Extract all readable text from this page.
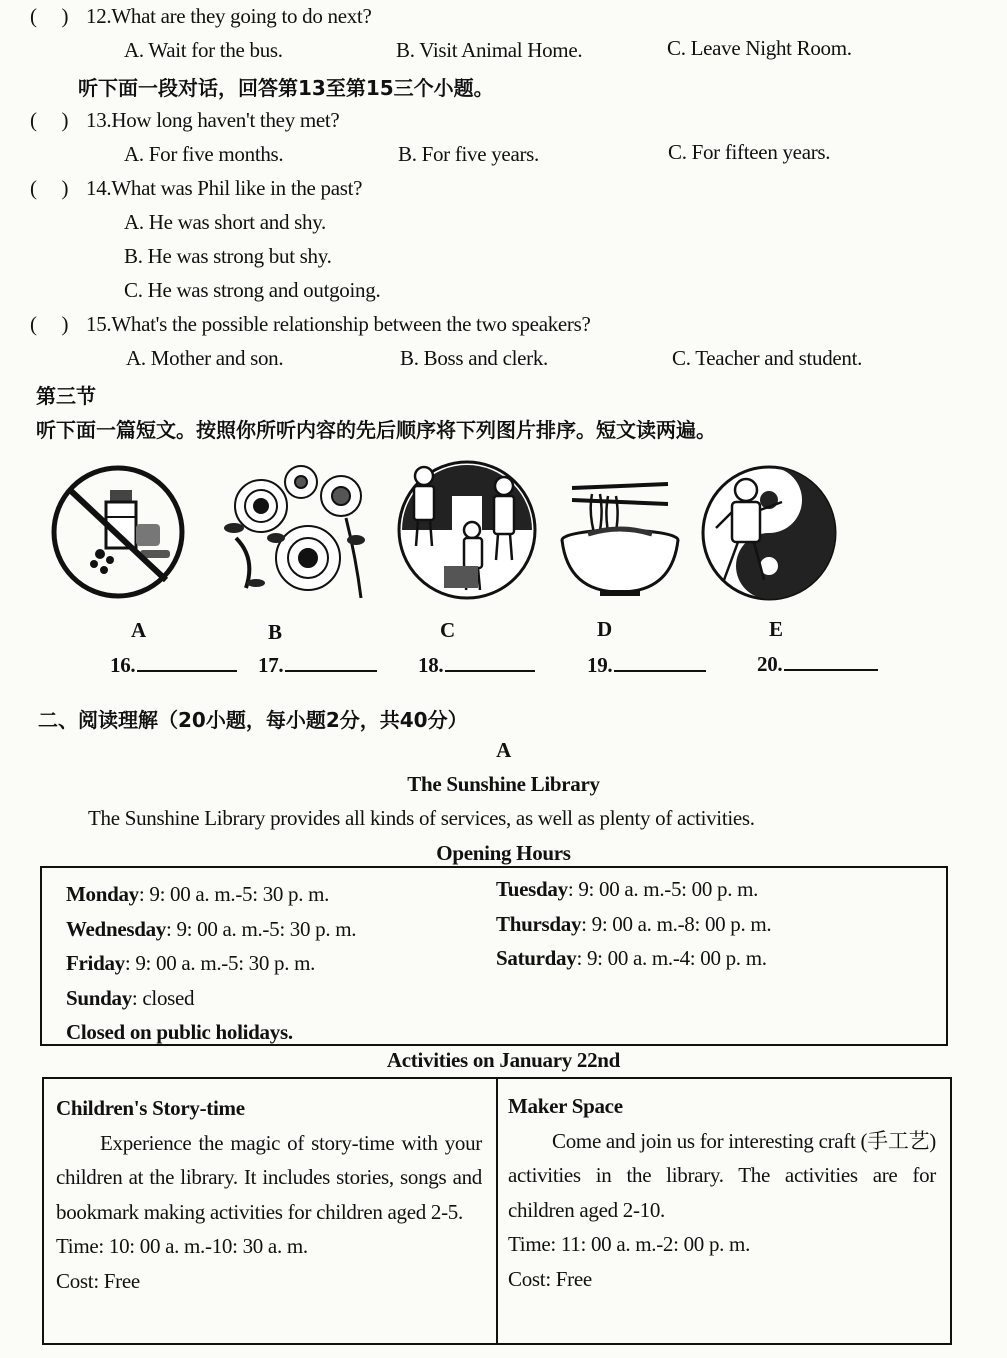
( ) 12.What are they going to do next?
A. Wait for the bus.	B. Visit Animal Home.	C. Leave Night Room.
听下面一段对话，回答第13至第15三个小题。
( ) 13.How long haven't they met?
A. For five months.	B. For five years.	C. For fifteen years.
( ) 14.What was Phil like in the past?
A. He was short and shy.
B. He was strong but shy.
C. He was strong and outgoing.
( ) 15.What's the possible relationship between the two speakers?
A. Mother and son.	B. Boss and clerk.	C. Teacher and student.
第三节
听下面一篇短文。按照你所听内容的先后顺序将下列图片排序。短文读两遍。
A	B	C	D	E
16.	17.	18.	19.	20.
二、阅读理解（20小题，每小题2分，共40分）
A
The Sunshine Library
The Sunshine Library provides all kinds of services, as well as plenty of activities.
Opening Hours

Monday: 9: 00 a. m.-5: 30 p. m.

Wednesday: 9: 00 a. m.-5: 30 p. m.

Friday: 9: 00 a. m.-5: 30 p. m.

Sunday: closed

Closed on public holidays.

Tuesday: 9: 00 a. m.-5: 00 p. m.

Thursday: 9: 00 a. m.-8: 00 p. m.

Saturday: 9: 00 a. m.-4: 00 p. m.

Activities on January 22nd

Children's Story-time

Experience the magic of story-time with your children at the library. It includes stories, songs and bookmark making activities for children aged 2-5.

Time: 10: 00 a. m.-10: 30 a. m.

Cost: Free

Maker Space

Come and join us for interesting craft (手工艺) activities in the library. The activities are for children aged 2-10.

Time: 11: 00 a. m.-2: 00 p. m.

Cost: Free
